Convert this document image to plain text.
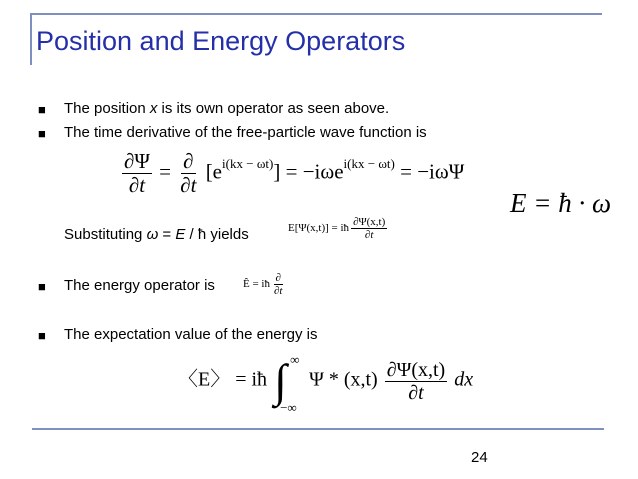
Position and Energy Operators
■ The position x is its own operator as seen above.
■ The time derivative of the free-particle wave function is
$\frac{\partial\Psi}{\partial t} = \frac{\partial}{\partial t} [e^{i(kx - \omega t)}] = -i\omega e^{i(kx - \omega t)} = -i\omega\Psi$
E = ħ · ω
Substituting ω = E / ħ yields	E[Ψ(x,t)] = iħ $\frac{\partial\Psi(x,t)}{\partial t}$
■ The energy operator is	Ê = iħ $\frac{\partial}{\partial t}$
■ The expectation value of the energy is
〈E〉 = iħ ∫ ∞
−∞
Ψ * $(x,t) \frac{\partial\Psi(x,t)}{\partial t}$ dx
24
